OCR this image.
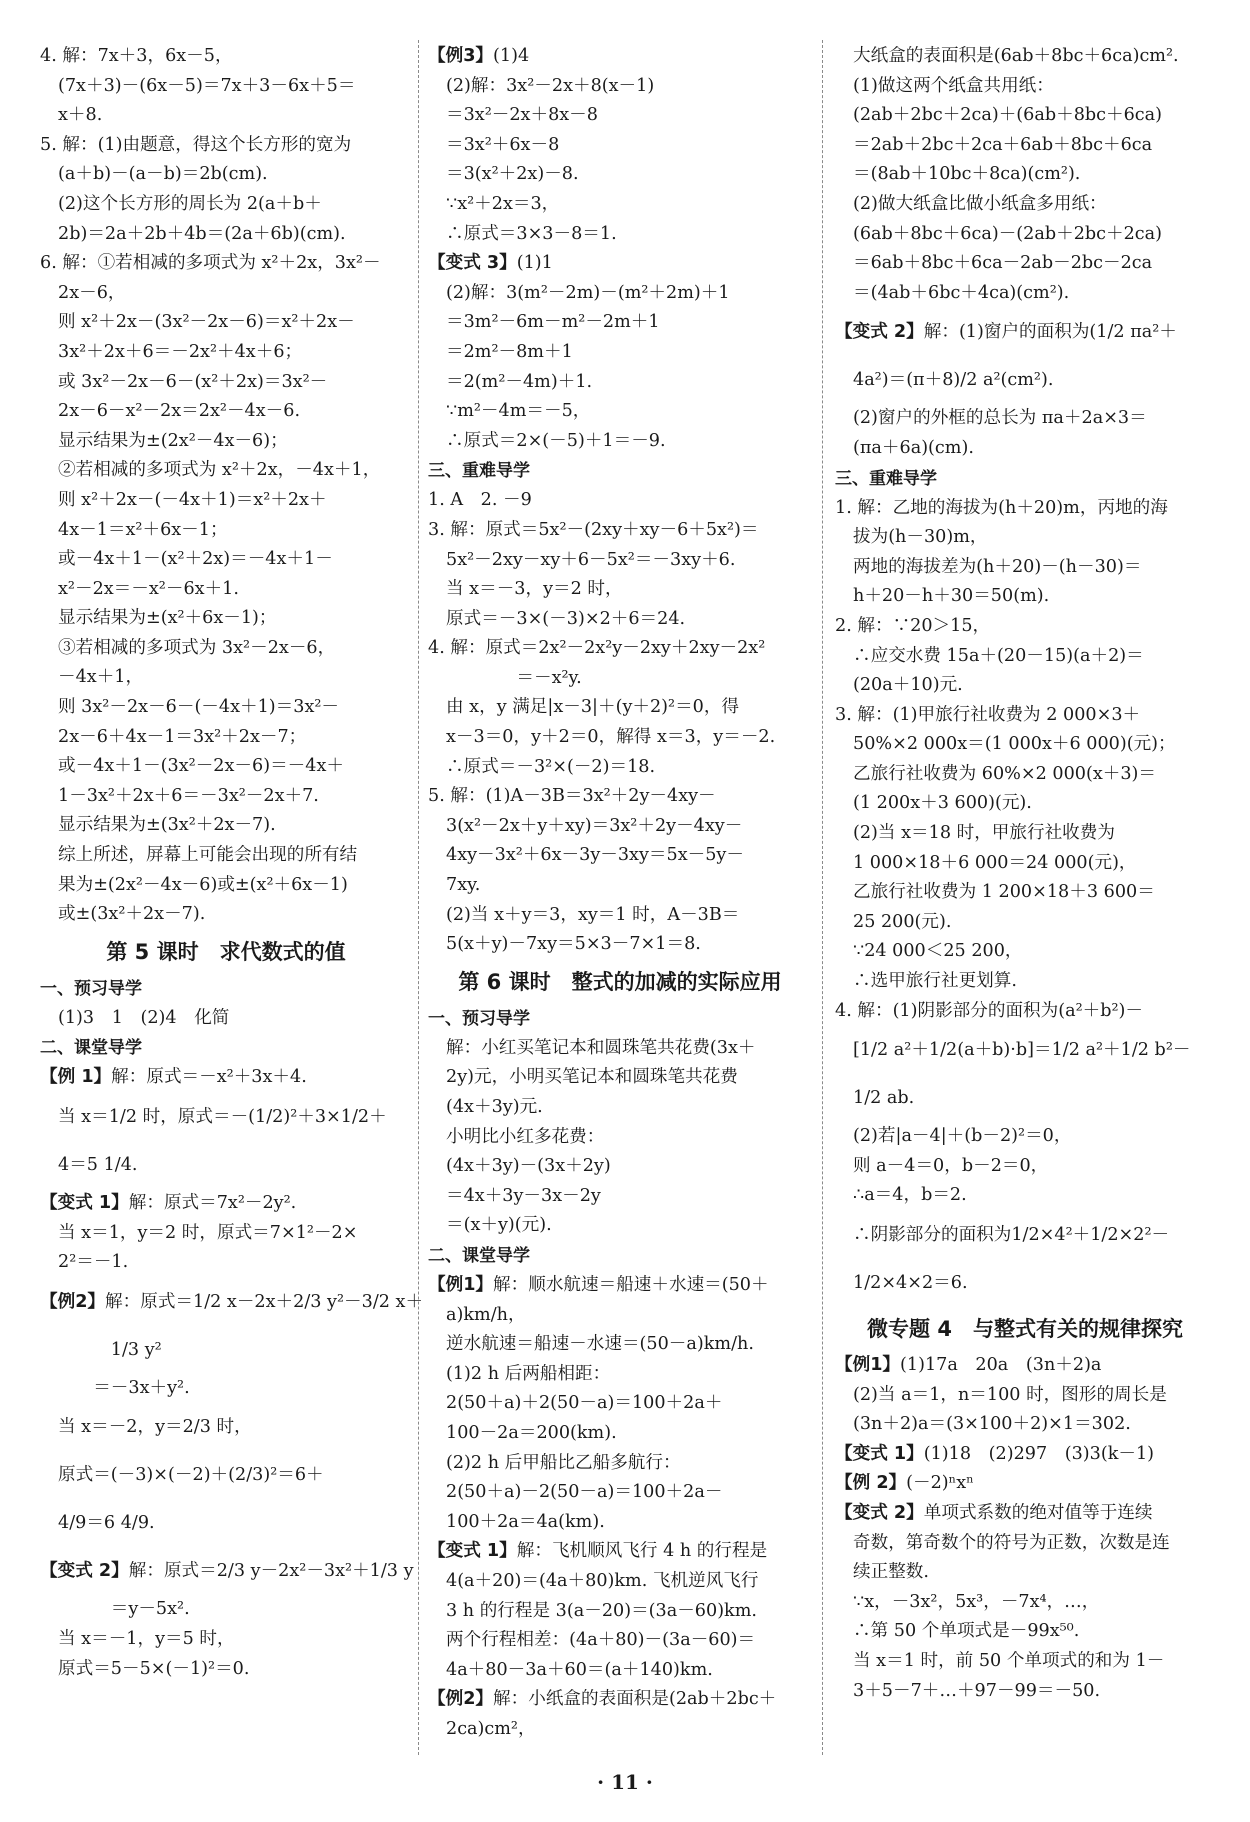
4. 解：7x＋3，6x－5，
(7x＋3)－(6x－5)＝7x＋3－6x＋5＝
x＋8.
5. 解：(1)由题意，得这个长方形的宽为
(a＋b)－(a－b)＝2b(cm).
(2)这个长方形的周长为 2(a＋b＋
2b)＝2a＋2b＋4b＝(2a＋6b)(cm).
6. 解：①若相减的多项式为 x²＋2x，3x²－
2x－6，
则 x²＋2x－(3x²－2x－6)＝x²＋2x－
3x²＋2x＋6＝－2x²＋4x＋6；
或 3x²－2x－6－(x²＋2x)＝3x²－
2x－6－x²－2x＝2x²－4x－6.
显示结果为±(2x²－4x－6)；
②若相减的多项式为 x²＋2x，－4x＋1，
则 x²＋2x－(－4x＋1)＝x²＋2x＋
4x－1＝x²＋6x－1；
或－4x＋1－(x²＋2x)＝－4x＋1－
x²－2x＝－x²－6x＋1.
显示结果为±(x²＋6x－1)；
③若相减的多项式为 3x²－2x－6，
－4x＋1，
则 3x²－2x－6－(－4x＋1)＝3x²－
2x－6＋4x－1＝3x²＋2x－7；
或－4x＋1－(3x²－2x－6)＝－4x＋
1－3x²＋2x＋6＝－3x²－2x＋7.
显示结果为±(3x²＋2x－7).
综上所述，屏幕上可能会出现的所有结
果为±(2x²－4x－6)或±(x²＋6x－1)
或±(3x²＋2x－7).
第 5 课时　求代数式的值
一、预习导学
(1)3　1　(2)4　化简
二、课堂导学
【例 1】解：原式＝－x²＋3x＋4.
当 x＝1/2 时，原式＝－(1/2)²＋3×1/2＋
4＝5 1/4.
【变式 1】解：原式＝7x²－2y².
当 x＝1，y＝2 时，原式＝7×1²－2×
2²＝－1.
【例2】解：原式＝1/2 x－2x＋2/3 y²－3/2 x＋
　　　1/3 y²
　　＝－3x＋y².
当 x＝－2，y＝2/3 时，
原式＝(－3)×(－2)＋(2/3)²＝6＋
4/9＝6 4/9.
【变式 2】解：原式＝2/3 y－2x²－3x²＋1/3 y
　　　＝y－5x².
当 x＝－1，y＝5 时，
原式＝5－5×(－1)²＝0.
【例3】(1)4
(2)解：3x²－2x＋8(x－1)
＝3x²－2x＋8x－8
＝3x²＋6x－8
＝3(x²＋2x)－8.
∵x²＋2x＝3，
∴原式＝3×3－8＝1.
【变式 3】(1)1
(2)解：3(m²－2m)－(m²＋2m)＋1
＝3m²－6m－m²－2m＋1
＝2m²－8m＋1
＝2(m²－4m)＋1.
∵m²－4m＝－5，
∴原式＝2×(－5)＋1＝－9.
三、重难导学
1. A　2. －9
3. 解：原式＝5x²－(2xy＋xy－6＋5x²)＝
5x²－2xy－xy＋6－5x²＝－3xy＋6.
当 x＝－3，y＝2 时，
原式＝－3×(－3)×2＋6＝24.
4. 解：原式＝2x²－2x²y－2xy＋2xy－2x²
　　　　＝－x²y.
由 x，y 满足|x－3|＋(y＋2)²＝0，得
x－3＝0，y＋2＝0，解得 x＝3，y＝－2.
∴原式＝－3²×(－2)＝18.
5. 解：(1)A－3B＝3x²＋2y－4xy－
3(x²－2x＋y＋xy)＝3x²＋2y－4xy－
4xy－3x²＋6x－3y－3xy＝5x－5y－
7xy.
(2)当 x＋y＝3，xy＝1 时，A－3B＝
5(x＋y)－7xy＝5×3－7×1＝8.
第 6 课时　整式的加减的实际应用
一、预习导学
解：小红买笔记本和圆珠笔共花费(3x＋
2y)元，小明买笔记本和圆珠笔共花费
(4x＋3y)元.
小明比小红多花费：
(4x＋3y)－(3x＋2y)
＝4x＋3y－3x－2y
＝(x＋y)(元).
二、课堂导学
【例1】解：顺水航速＝船速＋水速＝(50＋
a)km/h，
逆水航速＝船速－水速＝(50－a)km/h.
(1)2 h 后两船相距：
2(50＋a)＋2(50－a)＝100＋2a＋
100－2a＝200(km).
(2)2 h 后甲船比乙船多航行：
2(50＋a)－2(50－a)＝100＋2a－
100＋2a＝4a(km).
【变式 1】解：飞机顺风飞行 4 h 的行程是
4(a＋20)＝(4a＋80)km. 飞机逆风飞行
3 h 的行程是 3(a－20)＝(3a－60)km.
两个行程相差：(4a＋80)－(3a－60)＝
4a＋80－3a＋60＝(a＋140)km.
【例2】解：小纸盒的表面积是(2ab＋2bc＋
2ca)cm²，
大纸盒的表面积是(6ab＋8bc＋6ca)cm².
(1)做这两个纸盒共用纸：
(2ab＋2bc＋2ca)＋(6ab＋8bc＋6ca)
＝2ab＋2bc＋2ca＋6ab＋8bc＋6ca
＝(8ab＋10bc＋8ca)(cm²).
(2)做大纸盒比做小纸盒多用纸：
(6ab＋8bc＋6ca)－(2ab＋2bc＋2ca)
＝6ab＋8bc＋6ca－2ab－2bc－2ca
＝(4ab＋6bc＋4ca)(cm²).
【变式 2】解：(1)窗户的面积为(1/2 πa²＋
4a²)＝(π＋8)/2 a²(cm²).
(2)窗户的外框的总长为 πa＋2a×3＝
(πa＋6a)(cm).
三、重难导学
1. 解：乙地的海拔为(h＋20)m，丙地的海
拔为(h－30)m，
两地的海拔差为(h＋20)－(h－30)＝
h＋20－h＋30＝50(m).
2. 解：∵20＞15，
∴应交水费 15a＋(20－15)(a＋2)＝
(20a＋10)元.
3. 解：(1)甲旅行社收费为 2 000×3＋
50%×2 000x＝(1 000x＋6 000)(元)；
乙旅行社收费为 60%×2 000(x＋3)＝
(1 200x＋3 600)(元).
(2)当 x＝18 时，甲旅行社收费为
1 000×18＋6 000＝24 000(元)，
乙旅行社收费为 1 200×18＋3 600＝
25 200(元).
∵24 000＜25 200，
∴选甲旅行社更划算.
4. 解：(1)阴影部分的面积为(a²＋b²)－
[1/2 a²＋1/2(a＋b)·b]＝1/2 a²＋1/2 b²－
1/2 ab.
(2)若|a－4|＋(b－2)²＝0，
则 a－4＝0，b－2＝0，
∴a＝4，b＝2.
∴阴影部分的面积为1/2×4²＋1/2×2²－
1/2×4×2＝6.
微专题 4　与整式有关的规律探究
【例1】(1)17a　20a　(3n＋2)a
(2)当 a＝1，n＝100 时，图形的周长是
(3n＋2)a＝(3×100＋2)×1＝302.
【变式 1】(1)18　(2)297　(3)3(k－1)
【例 2】(－2)ⁿxⁿ
【变式 2】单项式系数的绝对值等于连续
奇数，第奇数个的符号为正数，次数是连
续正整数.
∵x，－3x²，5x³，－7x⁴，…，
∴第 50 个单项式是－99x⁵⁰.
当 x＝1 时，前 50 个单项式的和为 1－
3＋5－7＋…＋97－99＝－50.
· 11 ·
